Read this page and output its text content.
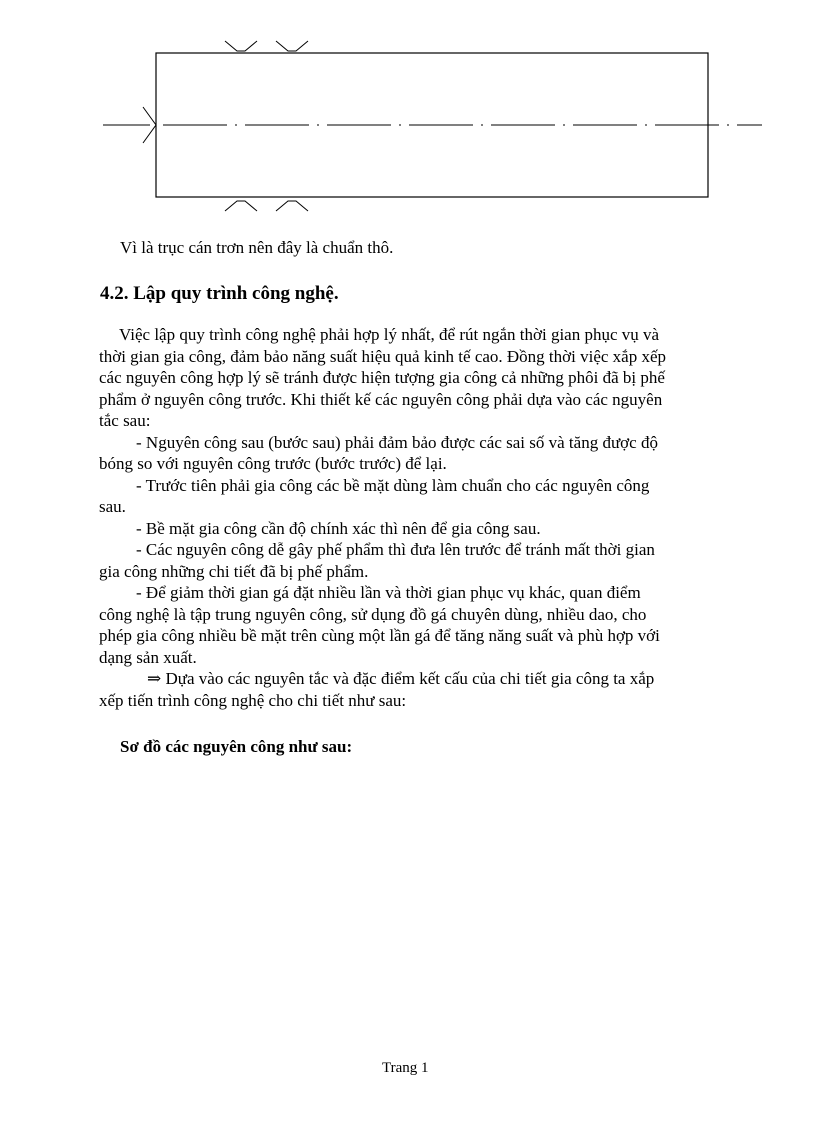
Vì là trục cán trơn nên đây là chuẩn thô.

4.2. Lập quy trình công nghệ.

Việc lập quy trình công nghệ phải hợp lý nhất, để rút ngắn thời gian phục vụ và
thời gian gia công, đảm bảo năng suất hiệu quả kinh tế cao. Đồng thời việc xắp xếp
các nguyên công hợp lý sẽ tránh được hiện tượng gia công cả những phôi đã bị phế
phẩm ở nguyên công trước. Khi thiết kế các nguyên công phải dựa vào các nguyên
tắc sau:
- Nguyên công sau (bước sau) phải đảm bảo được các sai số và tăng được độ
bóng so với nguyên công trước (bước trước) để lại.
- Trước tiên phải gia công các bề mặt dùng làm chuẩn cho các nguyên công
sau.
- Bề mặt gia công cần độ chính xác thì nên để gia công sau.
- Các nguyên công dễ gây phế phẩm thì đưa lên trước để tránh mất thời gian
gia công những chi tiết đã bị phế phẩm.
- Để giảm thời gian gá đặt nhiều lần và thời gian phục vụ khác, quan điểm
công nghệ là tập trung nguyên công, sử dụng đồ gá chuyên dùng, nhiều dao, cho
phép gia công nhiều bề mặt trên cùng một lần gá để tăng năng suất và phù hợp với
dạng sản xuất.
⇒ Dựa vào các nguyên tắc và đặc điểm kết cấu của chi tiết gia công ta xắp
xếp tiến trình công nghệ cho chi tiết như sau:

Sơ đồ các nguyên công như sau:

Trang 1
